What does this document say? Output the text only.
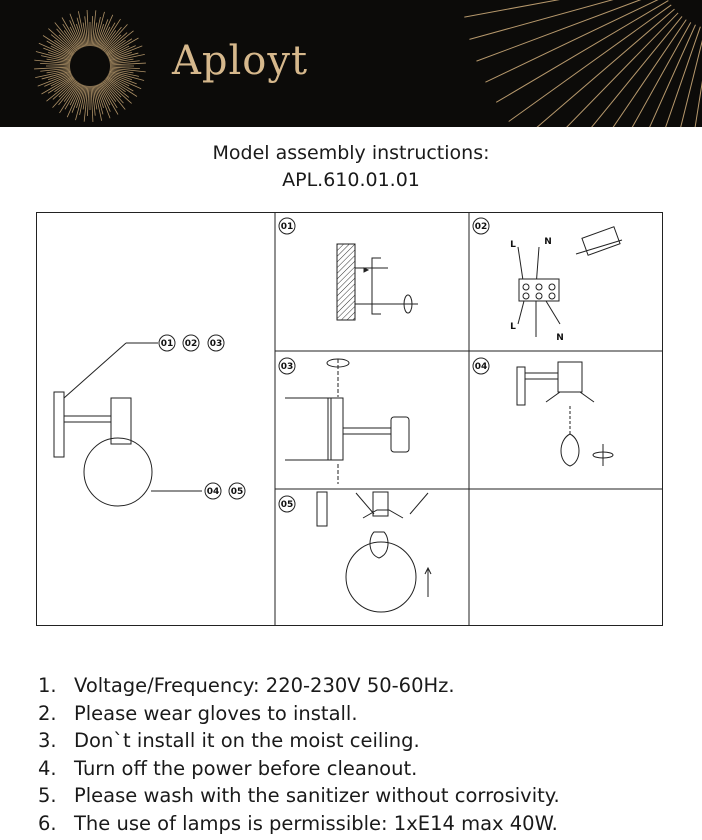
Aployt
Model assembly instructions:
APL.610.01.01
01 02 03
04 05
01	02
03	04
05
L	N
L
N
1. Voltage/Frequency: 220-230V 50-60Hz.
2. Please wear gloves to install.
3. Don`t install it on the moist ceiling.
4. Turn off the power before cleanout.
5. Please wash with the sanitizer without corrosivity.
6. The use of lamps is permissible: 1xE14 max 40W.
